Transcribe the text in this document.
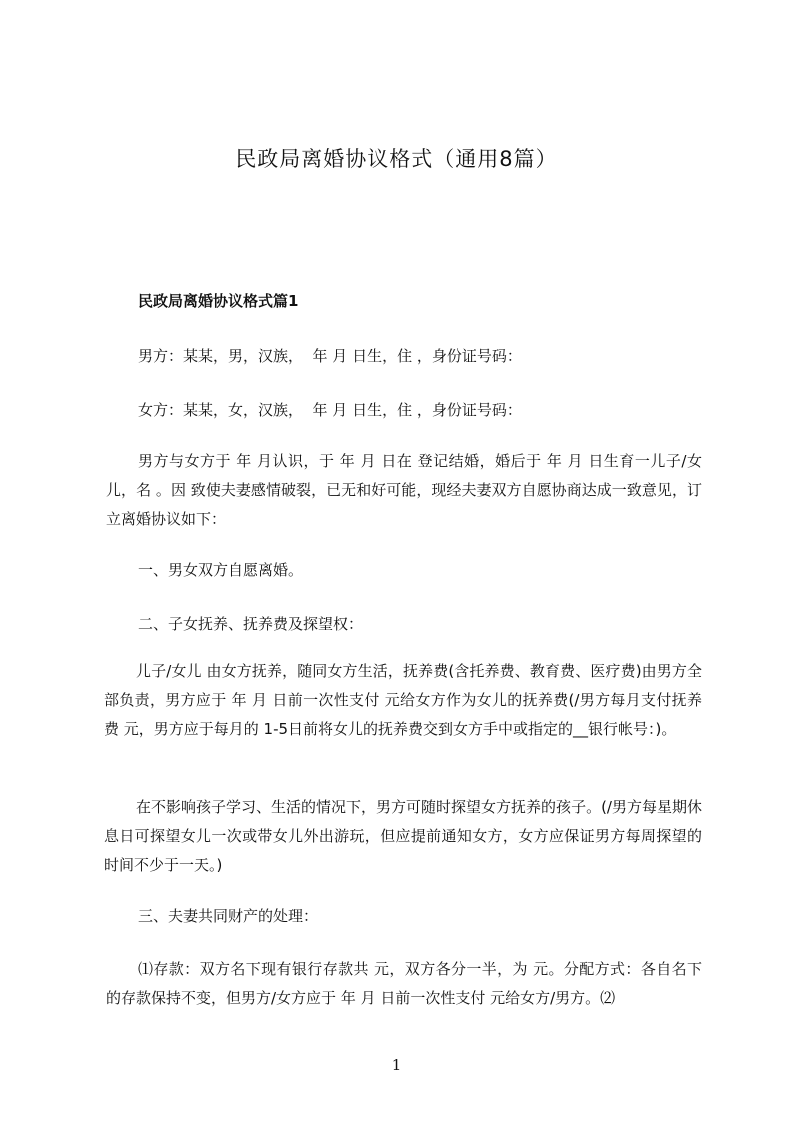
民政局离婚协议格式（通用8篇）
民政局离婚协议格式篇1
男方：某某，男，汉族，  年 月 日生，住 ，身份证号码：
女方：某某，女，汉族，  年 月 日生，住 ，身份证号码：
男方与女方于 年 月认识，于 年 月 日在 登记结婚，婚后于 年 月 日生育一儿子/女儿，名 。因 致使夫妻感情破裂，已无和好可能，现经夫妻双方自愿协商达成一致意见，订立离婚协议如下：
一、男女双方自愿离婚。
二、子女抚养、抚养费及探望权：
儿子/女儿 由女方抚养，随同女方生活，抚养费(含托养费、教育费、医疗费)由男方全部负责，男方应于 年 月 日前一次性支付 元给女方作为女儿的抚养费(/男方每月支付抚养费 元，男方应于每月的 1-5日前将女儿的抚养费交到女方手中或指定的__银行帐号：)。
在不影响孩子学习、生活的情况下，男方可随时探望女方抚养的孩子。(/男方每星期休息日可探望女儿一次或带女儿外出游玩，但应提前通知女方，女方应保证男方每周探望的时间不少于一天。)
三、夫妻共同财产的处理：
⑴存款：双方名下现有银行存款共 元，双方各分一半，为 元。分配方式：各自名下的存款保持不变，但男方/女方应于 年 月 日前一次性支付 元给女方/男方。⑵
1
